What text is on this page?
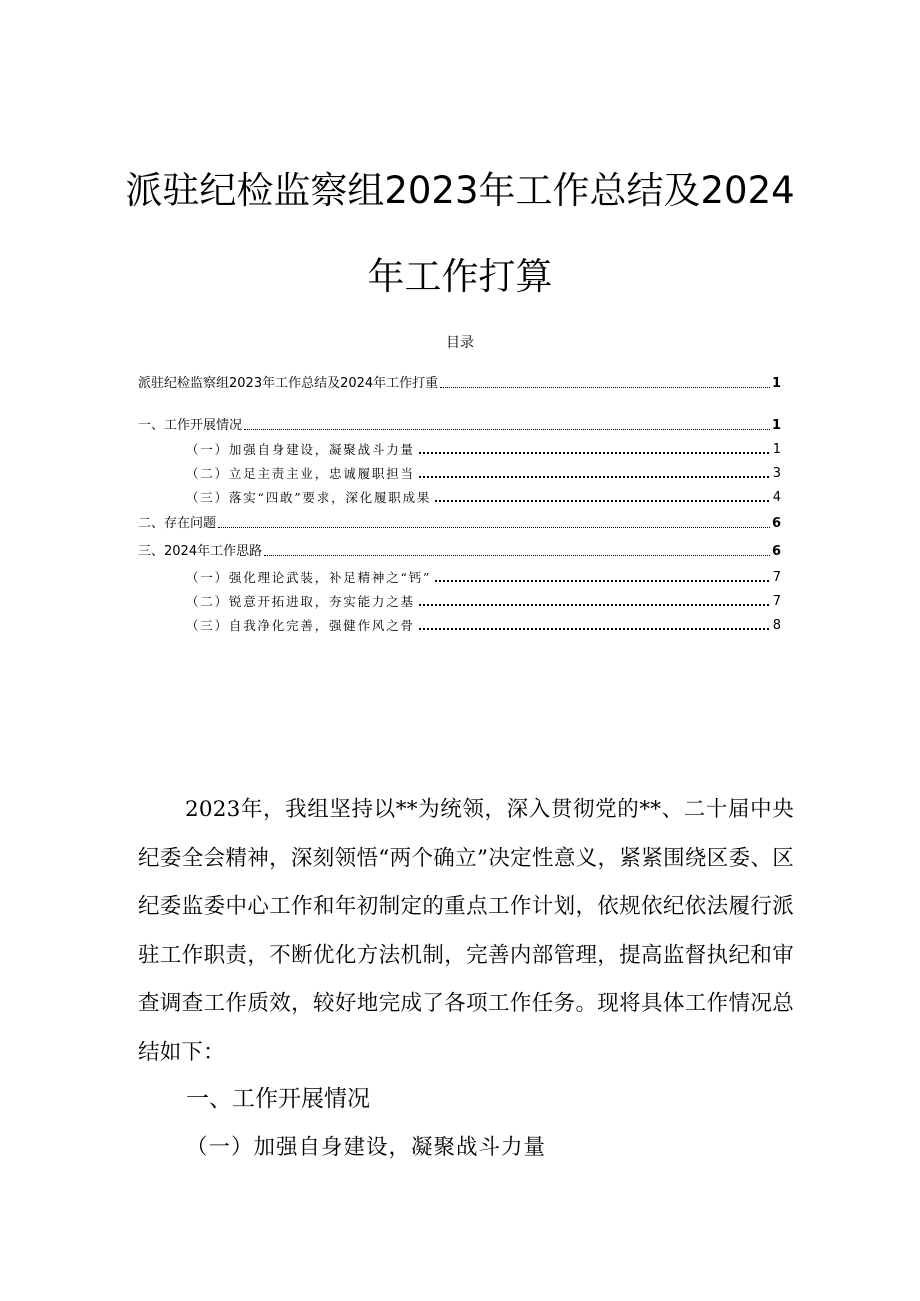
派驻纪检监察组2023年工作总结及2024
年工作打算
目录
派驻纪检监察组2023年工作总结及2024年工作打重	1
一、工作开展情况	1
（一）加强自身建设，凝聚战斗力量	1
（二）立足主责主业，忠诚履职担当	3
（三）落实“四敢”要求，深化履职成果	4
二、存在问题	6
三、2024年工作思路	6
（一）强化理论武装，补足精神之“钙”	7
（二）锐意开拓进取，夯实能力之基	7
（三）自我净化完善，强健作风之骨	8

2023年，我组坚持以**为统领，深入贯彻党的**、二十届中央纪委全会精神，深刻领悟“两个确立”决定性意义，紧紧围绕区委、区纪委监委中心工作和年初制定的重点工作计划，依规依纪依法履行派驻工作职责，不断优化方法机制，完善内部管理，提高监督执纪和审查调查工作质效，较好地完成了各项工作任务。现将具体工作情况总结如下：

一、工作开展情况
（一）加强自身建设，凝聚战斗力量
